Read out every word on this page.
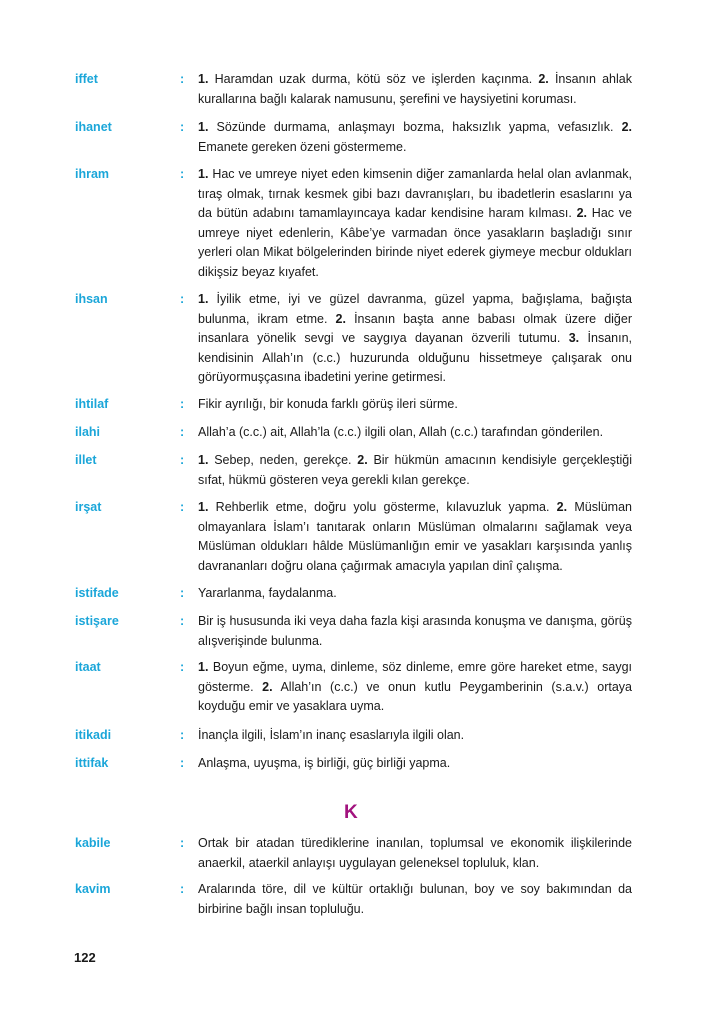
iffet	: 1. Haramdan uzak durma, kötü söz ve işlerden kaçınma. 2. İnsanın ahlak kurallarına bağlı kalarak namusunu, şerefini ve haysiyetini koruması.
ihanet	: 1. Sözünde durmama, anlaşmayı bozma, haksızlık yapma, vefasızlık. 2. Emanete gereken özeni göstermeme.
ihram	: 1. Hac ve umreye niyet eden kimsenin diğer zamanlarda helal olan avlanmak, tıraş olmak, tırnak kesmek gibi bazı davranışları, bu ibadetlerin esaslarını ya da bütün adabını tamamlayıncaya kadar kendisine haram kılması. 2. Hac ve umreye niyet edenlerin, Kâbe’ye varmadan önce yasakların başladığı sınır yerleri olan Mikat bölgelerinden birinde niyet ederek giymeye mecbur oldukları dikişsiz beyaz kıyafet.
ihsan	: 1. İyilik etme, iyi ve güzel davranma, güzel yapma, bağışlama, bağışta bulunma, ikram etme. 2. İnsanın başta anne babası olmak üzere diğer insanlara yönelik sevgi ve saygıya dayanan özverili tutumu. 3. İnsanın, kendisinin Allah’ın (c.c.) huzurunda olduğunu hissetmeye çalışarak onu görüyormuşçasına ibadetini yerine getirmesi.
ihtilaf	: Fikir ayrılığı, bir konuda farklı görüş ileri sürme.
ilahi	: Allah’a (c.c.) ait, Allah’la (c.c.) ilgili olan, Allah (c.c.) tarafından gönderilen.
illet	: 1. Sebep, neden, gerekçe. 2. Bir hükmün amacının kendisiyle gerçekleştiği sıfat, hükmü gösteren veya gerekli kılan gerekçe.
irşat	: 1. Rehberlik etme, doğru yolu gösterme, kılavuzluk yapma. 2. Müslüman olmayanlara İslam’ı tanıtarak onların Müslüman olmalarını sağlamak veya Müslüman oldukları hâlde Müslümanlığın emir ve yasakları karşısında yanlış davrananları doğru olana çağırmak amacıyla yapılan dinî çalışma.
istifade	: Yararlanma, faydalanma.
istişare	: Bir iş hususunda iki veya daha fazla kişi arasında konuşma ve danışma, görüş alışverişinde bulunma.
itaat	: 1. Boyun eğme, uyma, dinleme, söz dinleme, emre göre hareket etme, saygı gösterme. 2. Allah’ın (c.c.) ve onun kutlu Peygamberinin (s.a.v.) ortaya koyduğu emir ve yasaklara uyma.
itikadi	: İnançla ilgili, İslam’ın inanç esaslarıyla ilgili olan.
ittifak	: Anlaşma, uyuşma, iş birliği, güç birliği yapma.
K
kabile	: Ortak bir atadan türediklerine inanılan, toplumsal ve ekonomik ilişkilerinde anaerkil, ataerkil anlayışı uygulayan geleneksel topluluk, klan.
kavim	: Aralarında töre, dil ve kültür ortaklığı bulunan, boy ve soy bakımından da birbirine bağlı insan topluluğu.
122
